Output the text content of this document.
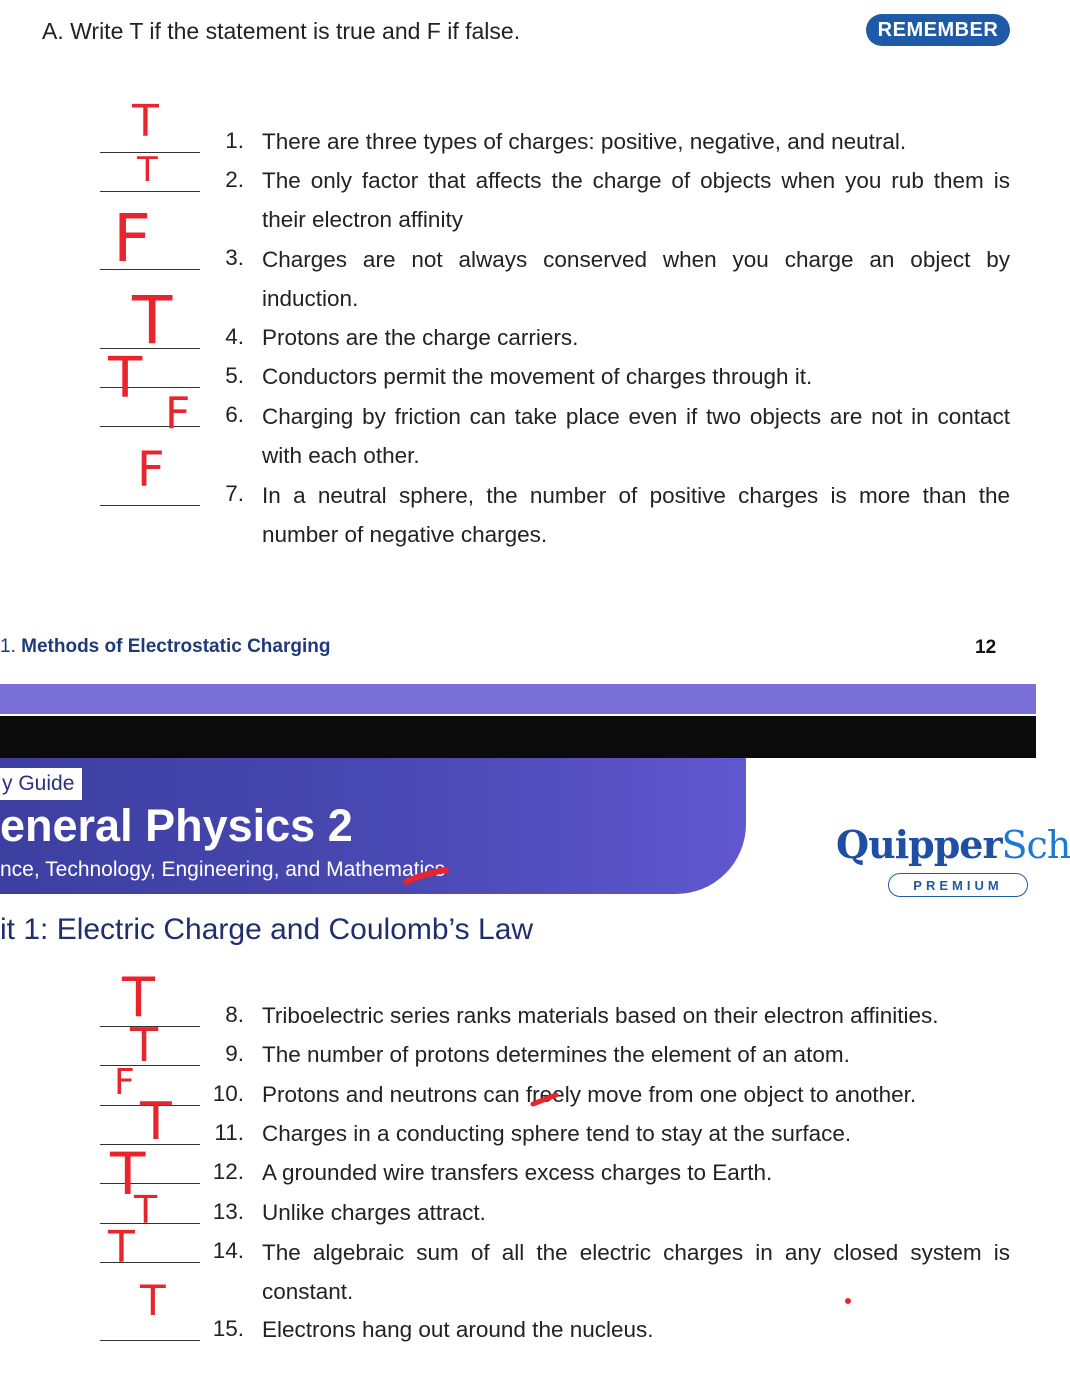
A. Write T if the statement is true and F if false.	REMEMBER
T
T
F
T
T
F
F
1.
2.
3.
4.
5.
6.
7.
There are three types of charges: positive, negative, and neutral.
The only factor that affects the charge of objects when you rub them is their electron affinity
Charges are not always conserved when you charge an object by induction.
Protons are the charge carriers.
Conductors permit the movement of charges through it.
Charging by friction can take place even if two objects are not in contact with each other.
In a neutral sphere, the number of positive charges is more than the number of negative charges.
1. Methods of Electrostatic Charging	12
y Guide
eneral Physics 2
nce, Technology, Engineering, and Mathematics
QuipperSch
PREMIUM
it 1: Electric Charge and Coulomb’s Law
T
T
F
T
T
T
T
T
8.
9.
10.
11.
12.
13.
14.
15.
Triboelectric series ranks materials based on their electron affinities.
The number of protons determines the element of an atom.
Protons and neutrons can freely move from one object to another.
Charges in a conducting sphere tend to stay at the surface.
A grounded wire transfers excess charges to Earth.
Unlike charges attract.
The algebraic sum of all the electric charges in any closed system is constant.
Electrons hang out around the nucleus.
